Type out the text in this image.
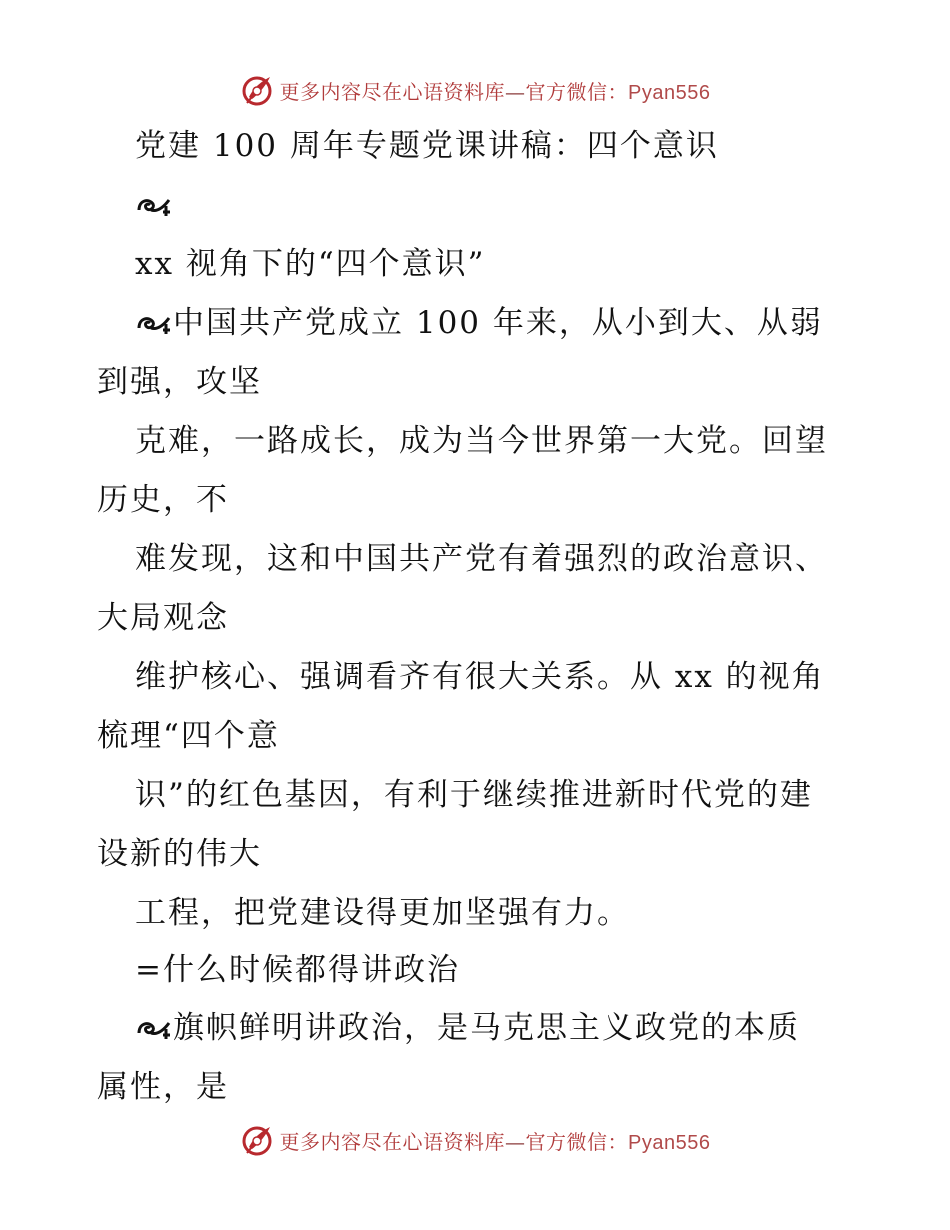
更多内容尽在心语资料库—官方微信：Pyan556
党建 100 周年专题党课讲稿：四个意识
xx 视角下的“四个意识”
中国共产党成立 100 年来，从小到大、从弱
到强，攻坚
克难，一路成长，成为当今世界第一大党。回望
历史，不
难发现，这和中国共产党有着强烈的政治意识、
大局观念
维护核心、强调看齐有很大关系。从 xx 的视角
梳理“四个意
识”的红色基因，有利于继续推进新时代党的建
设新的伟大
工程，把党建设得更加坚强有力。
=什么时候都得讲政治
旗帜鲜明讲政治，是马克思主义政党的本质
属性，是
更多内容尽在心语资料库—官方微信：Pyan556
